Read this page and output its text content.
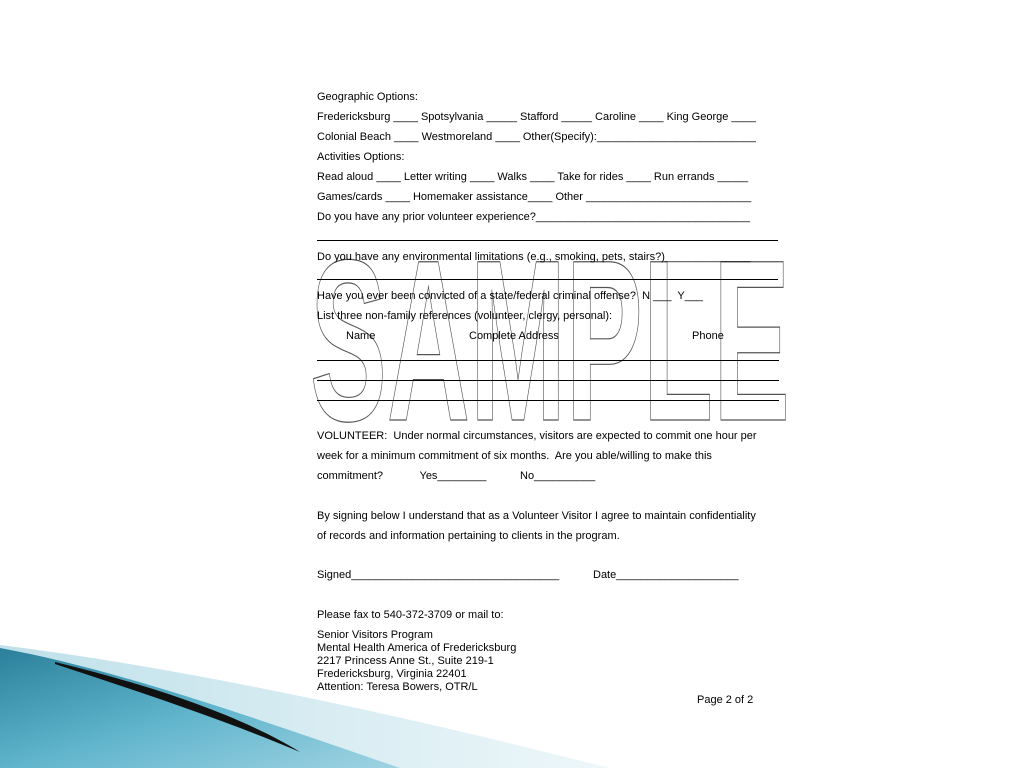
SAMPLE
Geographic Options:
Fredericksburg ____ Spotsylvania _____ Stafford _____ Caroline ____ King George ____
Colonial Beach ____ Westmoreland ____ Other(Specify):__________________________
Activities Options:
Read aloud ____ Letter writing ____ Walks ____ Take for rides ____ Run errands _____
Games/cards ____ Homemaker assistance____ Other ___________________________
Do you have any prior volunteer experience?___________________________________
Do you have any environmental limitations (e.g., smoking, pets, stairs?)______________
Have you ever been convicted of a state/federal criminal offense?  N ___  Y___
List three non-family references (volunteer, clergy, personal):
Name	Complete Address	Phone
VOLUNTEER:  Under normal circumstances, visitors are expected to commit one hour per
week for a minimum commitment of six months.  Are you able/willing to make this
commitment?            Yes________           No__________
By signing below I understand that as a Volunteer Visitor I agree to maintain confidentiality
of records and information pertaining to clients in the program.
Signed__________________________________	Date____________________
Please fax to 540-372-3709 or mail to:
Senior Visitors Program
Mental Health America of Fredericksburg
2217 Princess Anne St., Suite 219-1
Fredericksburg, Virginia 22401
Attention: Teresa Bowers, OTR/L
Page 2 of 2
